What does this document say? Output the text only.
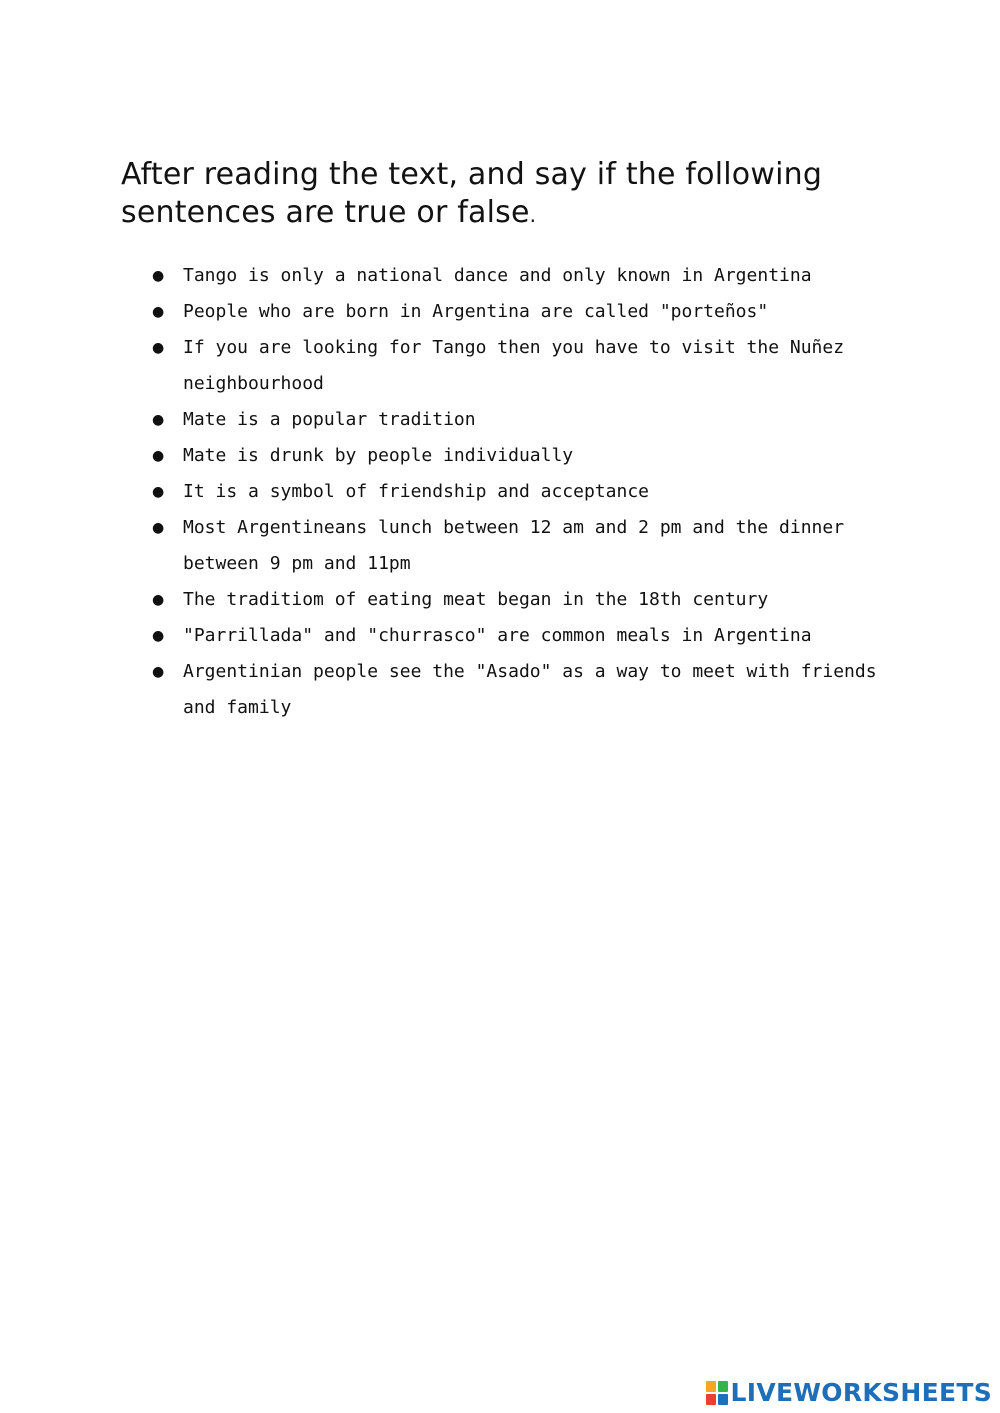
After reading the text, and say if the following sentences are true or false.
●	Tango is only a national dance and only known in Argentina
●	People who are born in Argentina are called "porteños"
●	If you are looking for Tango then you have to visit the Nuñez neighbourhood
●	Mate is a popular tradition
●	Mate is drunk by people individually
●	It is a symbol of friendship and acceptance
●	Most Argentineans lunch between 12 am and 2 pm and the dinner between 9 pm and 11pm
●	The traditiom of eating meat began in the 18th century
●	"Parrillada" and "churrasco" are common meals in Argentina
●	Argentinian people see the "Asado" as a way to meet with friends and family
LIVEWORKSHEETS
